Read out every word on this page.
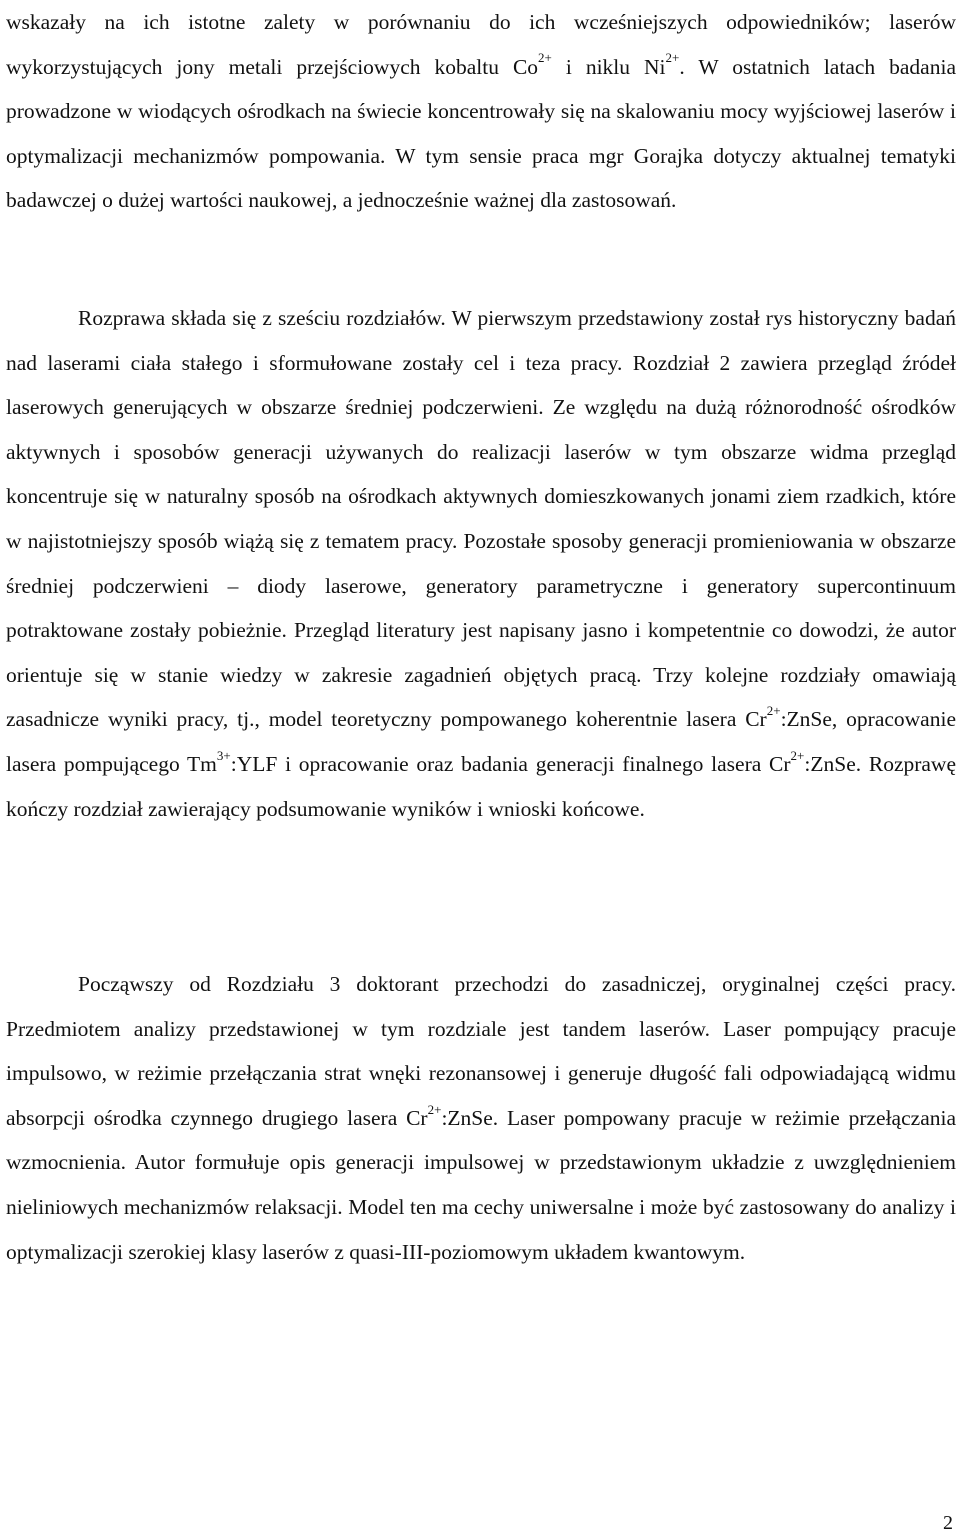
wskazały na ich istotne zalety w porównaniu do ich wcześniejszych odpowiedników; laserów wykorzystujących jony metali przejściowych kobaltu $Co^{2+}$ i niklu $Ni^{2+}$. W ostatnich latach badania prowadzone w wiodących ośrodkach na świecie koncentrowały się na skalowaniu mocy wyjściowej laserów i optymalizacji mechanizmów pompowania. W tym sensie praca mgr Gorajka dotyczy aktualnej tematyki badawczej o dużej wartości naukowej, a jednocześnie ważnej dla zastosowań.

Rozprawa składa się z sześciu rozdziałów. W pierwszym przedstawiony został rys historyczny badań nad laserami ciała stałego i sformułowane zostały cel i teza pracy. Rozdział 2 zawiera przegląd źródeł laserowych generujących w obszarze średniej podczerwieni. Ze względu na dużą różnorodność ośrodków aktywnych i sposobów generacji używanych do realizacji laserów w tym obszarze widma przegląd koncentruje się w naturalny sposób na ośrodkach aktywnych domieszkowanych jonami ziem rzadkich, które w najistotniejszy sposób wiążą się z tematem pracy. Pozostałe sposoby generacji promieniowania w obszarze średniej podczerwieni – diody laserowe, generatory parametryczne i generatory supercontinuum potraktowane zostały pobieżnie. Przegląd literatury jest napisany jasno i kompetentnie co dowodzi, że autor orientuje się w stanie wiedzy w zakresie zagadnień objętych pracą. Trzy kolejne rozdziały omawiają zasadnicze wyniki pracy, tj., model teoretyczny pompowanego koherentnie lasera $Cr^{2+}:ZnSe$, opracowanie lasera pompującego $Tm^{3+}:YLF$ i opracowanie oraz badania generacji finalnego lasera $Cr^{2+}:ZnSe$. Rozprawę kończy rozdział zawierający podsumowanie wyników i wnioski końcowe.

Począwszy od Rozdziału 3 doktorant przechodzi do zasadniczej, oryginalnej części pracy. Przedmiotem analizy przedstawionej w tym rozdziale jest tandem laserów. Laser pompujący pracuje impulsowo, w reżimie przełączania strat wnęki rezonansowej i generuje długość fali odpowiadającą widmu absorpcji ośrodka czynnego drugiego lasera $Cr^{2+}:ZnSe$. Laser pompowany pracuje w reżimie przełączania wzmocnienia. Autor formułuje opis generacji impulsowej w przedstawionym układzie z uwzględnieniem nieliniowych mechanizmów relaksacji. Model ten ma cechy uniwersalne i może być zastosowany do analizy i optymalizacji szerokiej klasy laserów z quasi-III-poziomowym układem kwantowym.

2
